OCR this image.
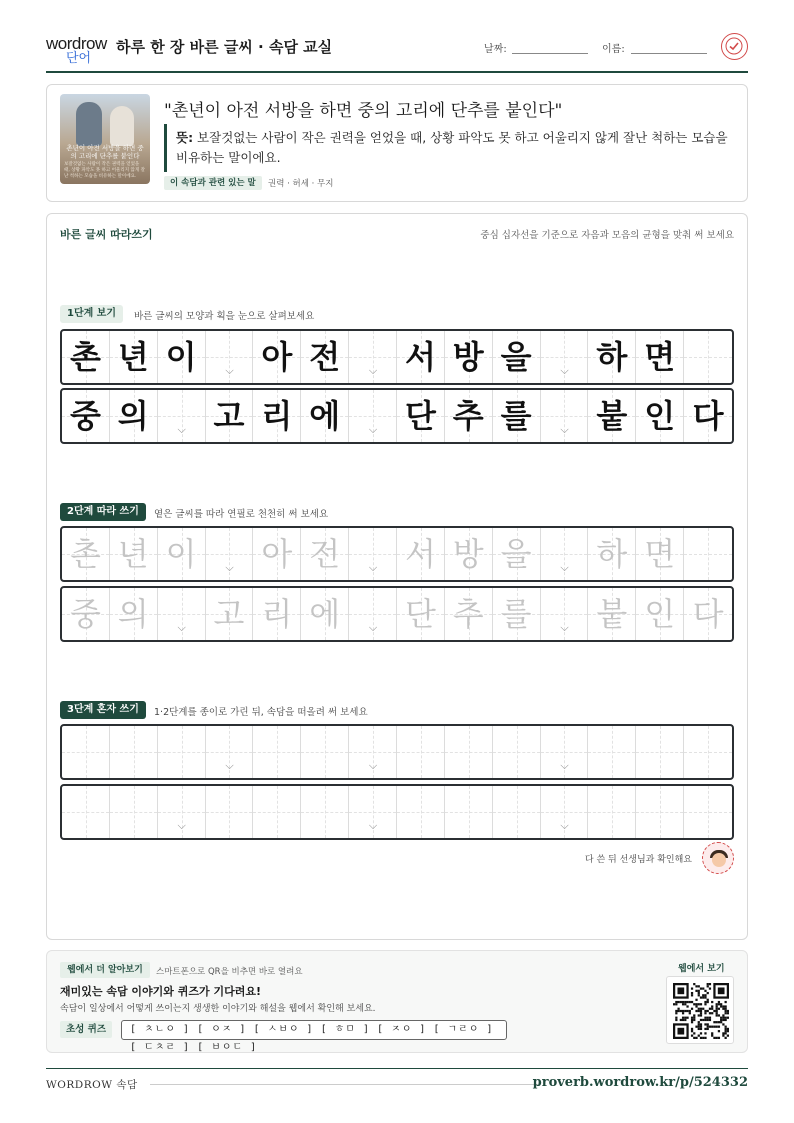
wordrow
단어
하루 한 장 바른 글씨 · 속담 교실	날짜:	이름:
촌년이 아전 서방을 하면 중의 고리에 단추를 붙인다
보잘것없는 사람이 작은 권력을 얻었을 때, 상황 파악도 못 하고 어울리지 않게 잘난 척하는 모습을 비유하는 말이에요.
"촌년이 아전 서방을 하면 중의 고리에 단추를 붙인다"
뜻: 보잘것없는 사람이 작은 권력을 얻었을 때, 상황 파악도 못 하고 어울리지 않게 잘난 척하는 모습을 비유하는 말이에요.
이 속담과 관련 있는 말	권력 · 허세 · 무지
바른 글씨 따라쓰기	중심 십자선을 기준으로 자음과 모음의 균형을 맞춰 써 보세요
1단계 보기	바른 글씨의 모양과 획을 눈으로 살펴보세요
촌 년 이	⌵ 아 전	⌵ 서 방 을	⌵ 하 면
중 의	⌵ 고 리 에	⌵ 단 추 를	⌵ 붙 인 다
2단계 따라 쓰기	옅은 글씨를 따라 연필로 천천히 써 보세요
촌 년 이	⌵ 아 전	⌵ 서 방 을	⌵ 하 면
중 의	⌵ 고 리 에	⌵ 단 추 를	⌵ 붙 인 다
3단계 혼자 쓰기	1·2단계를 종이로 가린 뒤, 속담을 떠올려 써 보세요
⌵	⌵	⌵
⌵	⌵	⌵
다 쓴 뒤 선생님과 확인해요
웹에서 더 알아보기	스마트폰으로 QR을 비추면 바로 열려요
재미있는 속담 이야기와 퀴즈가 기다려요!
속담이 일상에서 어떻게 쓰이는지 생생한 이야기와 해설을 웹에서 확인해 보세요.
초성 퀴즈	[ ㅊㄴㅇ ] [ ㅇㅈ ] [ ㅅㅂㅇ ] [ ㅎㅁ ] [ ㅈㅇ ] [ ㄱㄹㅇ ] [ ㄷㅊㄹ ] [ ㅂㅇㄷ ]
웹에서 보기
WORDROW 속담	proverb.wordrow.kr/p/524332
